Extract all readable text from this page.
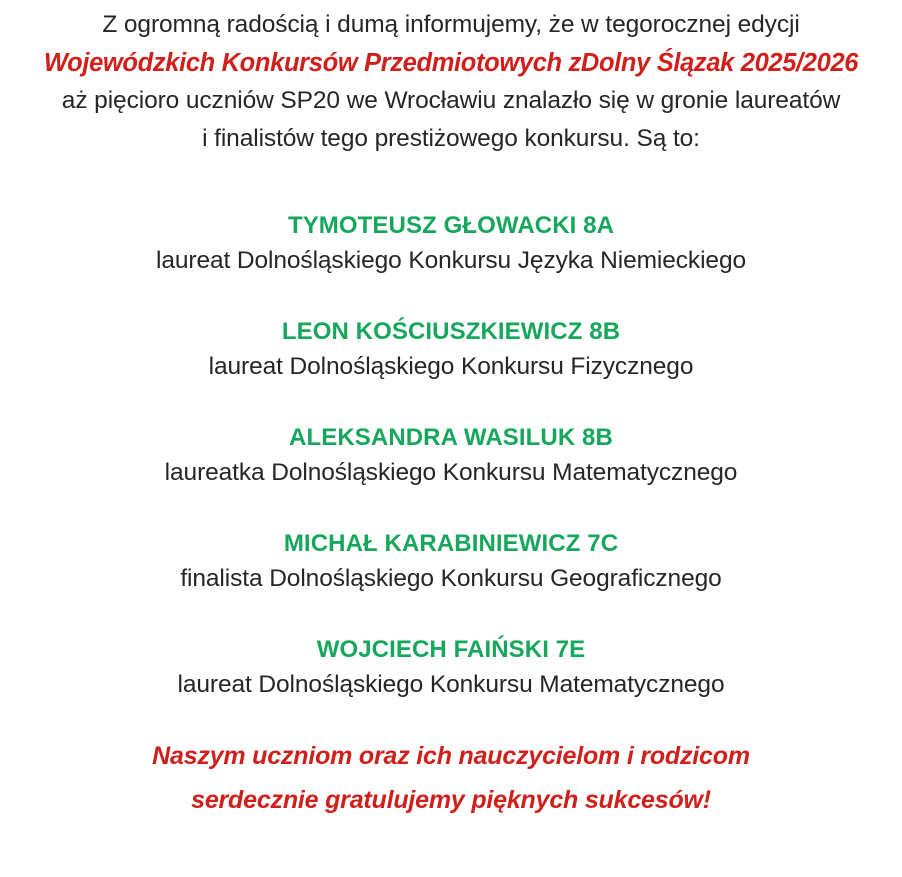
Z ogromną radością i dumą informujemy, że w tegorocznej edycji
Wojewódzkich Konkursów Przedmiotowych zDolny Ślązak 2025/2026
aż pięcioro uczniów SP20 we Wrocławiu znalazło się w gronie laureatów
i finalistów tego prestiżowego konkursu. Są to:
TYMOTEUSZ GŁOWACKI 8A
laureat Dolnośląskiego Konkursu Języka Niemieckiego
LEON KOŚCIUSZKIEWICZ 8B
laureat Dolnośląskiego Konkursu Fizycznego
ALEKSANDRA WASILUK 8B
laureatka Dolnośląskiego Konkursu Matematycznego
MICHAŁ KARABINIEWICZ 7C
finalista Dolnośląskiego Konkursu Geograficznego
WOJCIECH FAIŃSKI 7E
laureat Dolnośląskiego Konkursu Matematycznego
Naszym uczniom oraz ich nauczycielom i rodzicom
serdecznie gratulujemy pięknych sukcesów!
